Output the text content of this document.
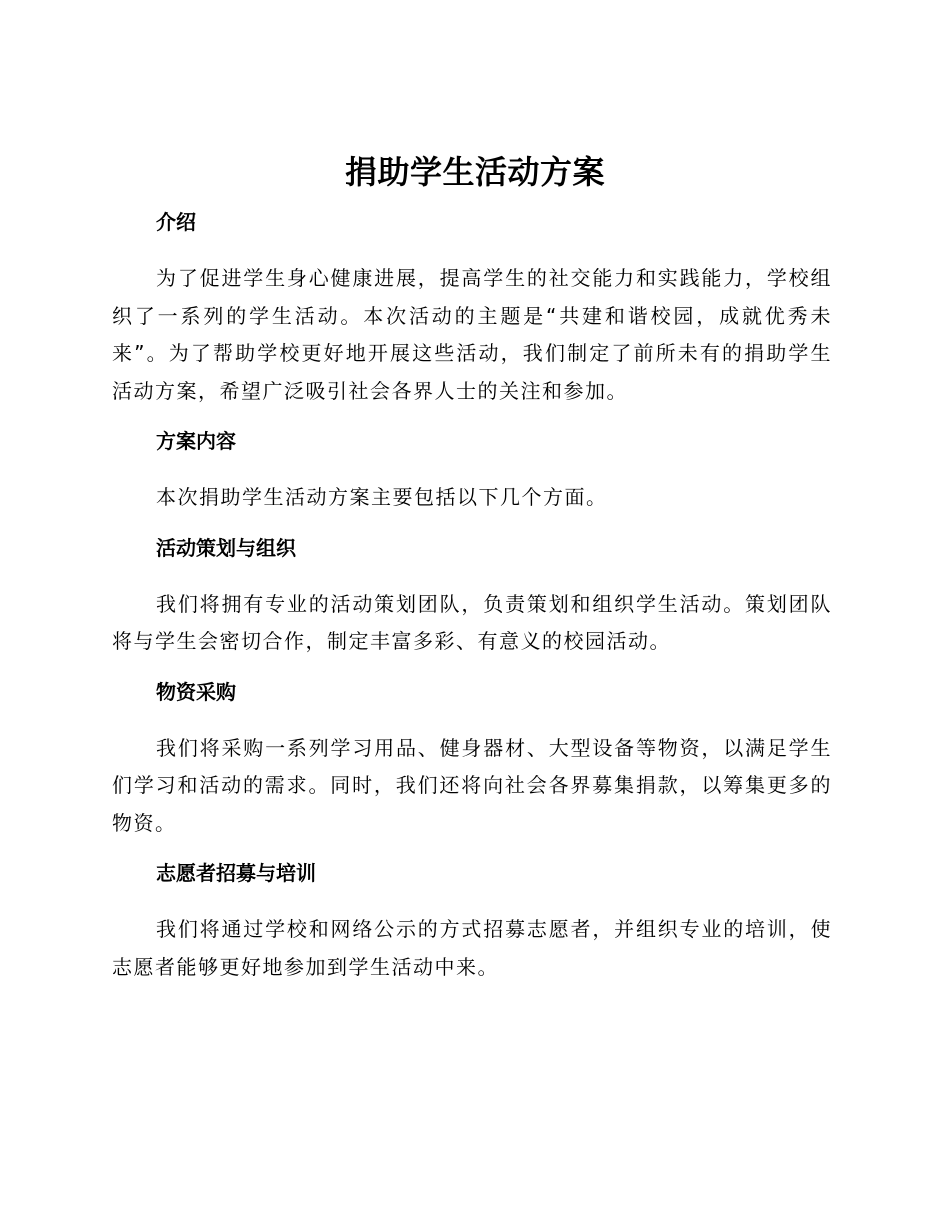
捐助学生活动方案
介绍

为了促进学生身心健康进展，提高学生的社交能力和实践能力，学校组织了一系列的学生活动。本次活动的主题是“共建和谐校园，成就优秀未来”。为了帮助学校更好地开展这些活动，我们制定了前所未有的捐助学生活动方案，希望广泛吸引社会各界人士的关注和参加。

方案内容

本次捐助学生活动方案主要包括以下几个方面。

活动策划与组织

我们将拥有专业的活动策划团队，负责策划和组织学生活动。策划团队将与学生会密切合作，制定丰富多彩、有意义的校园活动。

物资采购

我们将采购一系列学习用品、健身器材、大型设备等物资，以满足学生们学习和活动的需求。同时，我们还将向社会各界募集捐款，以筹集更多的物资。

志愿者招募与培训

我们将通过学校和网络公示的方式招募志愿者，并组织专业的培训，使志愿者能够更好地参加到学生活动中来。
